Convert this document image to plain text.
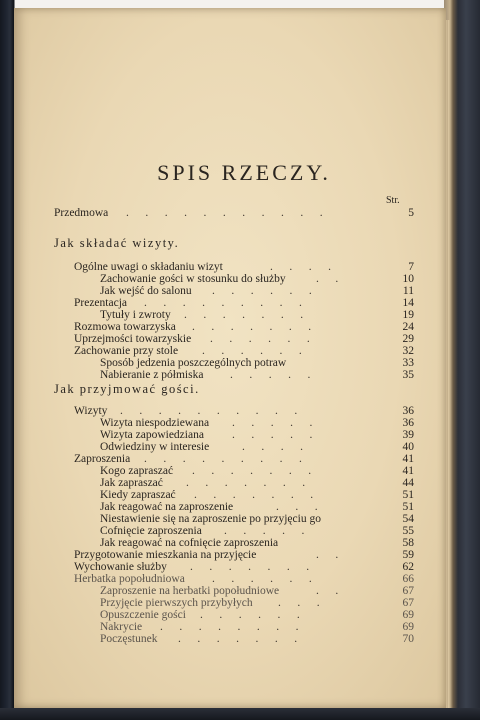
SPIS RZECZY.
Str.
Przedmowa .    .    .    .    .    .    .    .    .    .    .	5
Jak składać wizyty.
Ogólne uwagi o składaniu wizyt	.    .    .    .	7
Zachowanie gości w stosunku do służby	.    .	10
Jak wejść do salonu .    .    .    .    .    .	11
Prezentacja .    .    .    .    .    .    .    .    .	14
Tytuły i zwroty .    .    .    .    .    .    .	19
Rozmowa towarzyska .    .    .    .    .    .    .	24
Uprzejmości towarzyskie .    .    .    .    .    .	29
Zachowanie przy stole .    .    .    .    .    .	32
Sposób jedzenia poszczególnych potraw	33
Nabieranie z półmiska .    .    .    .    .	35
Jak przyjmować gości.
Wizyty .    .    .    .    .    .    .    .    .    .	36
Wizyta niespodziewana .    .    .    .    .	36
Wizyta zapowiedziana .    .    .    .    .	39
Odwiedziny w interesie	.    .    .    .	40
Zaproszenia .    .    .    .    .    .    .    .    .	41
Kogo zapraszać .    .    .    .    .    .    .	41
Jak zapraszać .    .    .    .    .    .    .	44
Kiedy zapraszać .    .    .    .    .    .    .	51
Jak reagować na zaproszenie	.    .    .	51
Niestawienie się na zaproszenie po przyjęciu go	54
Cofnięcie zaproszenia .    .    .    .    .	55
Jak reagować na cofnięcie zaproszenia	58
Przygotowanie mieszkania na przyjęcie	.    .	59
Wychowanie służby .    .    .    .    .    .    .	62
Herbatka popołudniowa .    .    .    .    .    .	66
Zaproszenie na herbatki popołudniowe	.    .	67
Przyjęcie pierwszych przybyłych .    .    .	67
Opuszczenie gości .    .    .    .    .    .	69
Nakrycie .    .    .    .    .    .    .    .	69
Poczęstunek .    .    .    .    .    .    .	70
